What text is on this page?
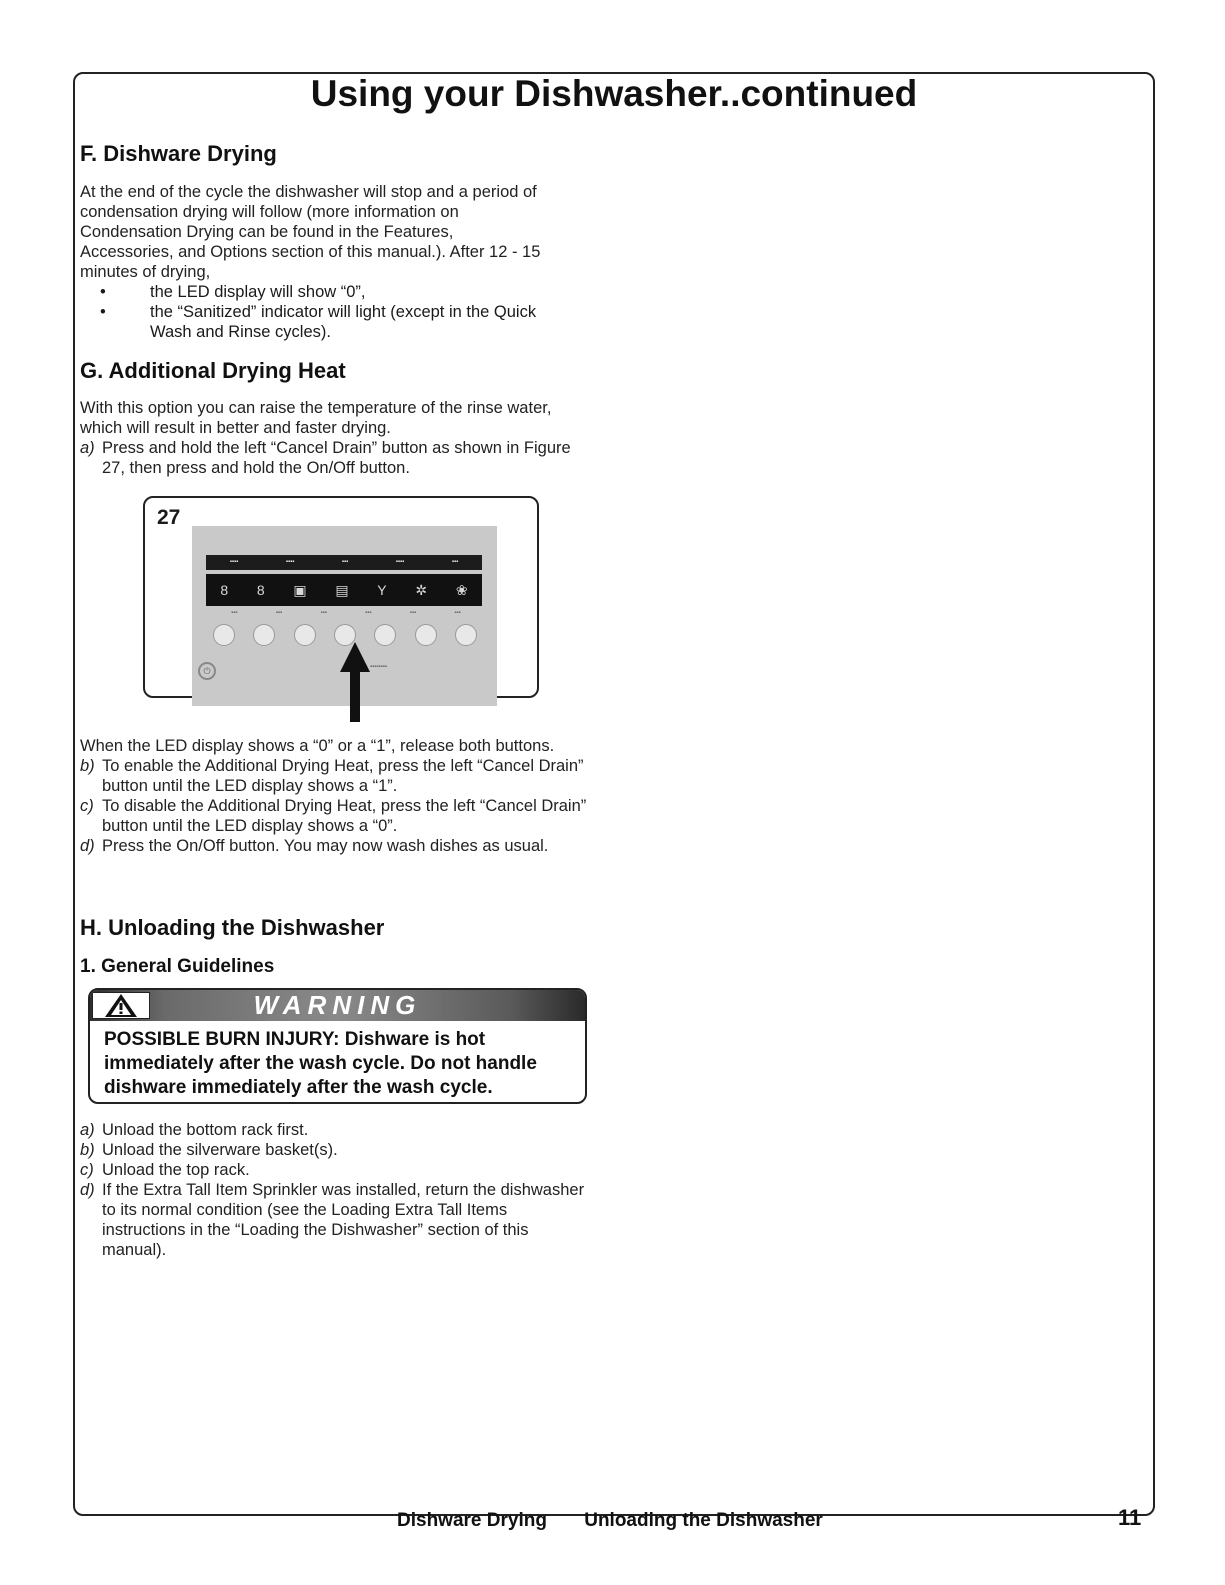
Using your Dishwasher..continued
F. Dishware Drying

At the end of the cycle the dishwasher will stop and a period of

condensation drying will follow (more information on

Condensation Drying can be found in the Features,

Accessories, and Options section of this manual.). After 12 - 15

minutes of drying,

•	the LED display will show “0”,
•	the “Sanitized” indicator will light (except in the Quick Wash and Rinse cycles).
G. Additional Drying Heat

With this option you can raise the temperature of the rinse water, which will result in better and faster drying.

a) Press and hold the left “Cancel Drain” button as shown in Figure 27, then press and hold the On/Off button.
27
▪▪▪▪	▪▪▪▪	▪▪▪	▪▪▪▪	▪▪▪
8 8 ▣ ▤ Y ✲ ❀
▪▪▪	▪▪▪	▪▪▪	▪▪▪	▪▪▪	▪▪▪
⏻	▪▪▪▪▪▪▪▪

When the LED display shows a “0” or a “1”, release both buttons.

b) To enable the Additional Drying Heat, press the left “Cancel Drain” button until the LED display shows a “1”.
c) To disable the Additional Drying Heat, press the left “Cancel Drain” button until the LED display shows a “0”.
d) Press the On/Off button. You may now wash dishes as usual.
H. Unloading the Dishwasher
1. General Guidelines
WARNING

POSSIBLE BURN INJURY: Dishware is hot immediately after the wash cycle. Do not handle dishware immediately after the wash cycle.

a) Unload the bottom rack first.
b) Unload the silverware basket(s).
c) Unload the top rack.
d) If the Extra Tall Item Sprinkler was installed, return the dishwasher to its normal condition (see the Loading Extra Tall Items instructions in the “Loading the Dishwasher” section of this manual).
Dishware Drying Unloading the Dishwasher	11
